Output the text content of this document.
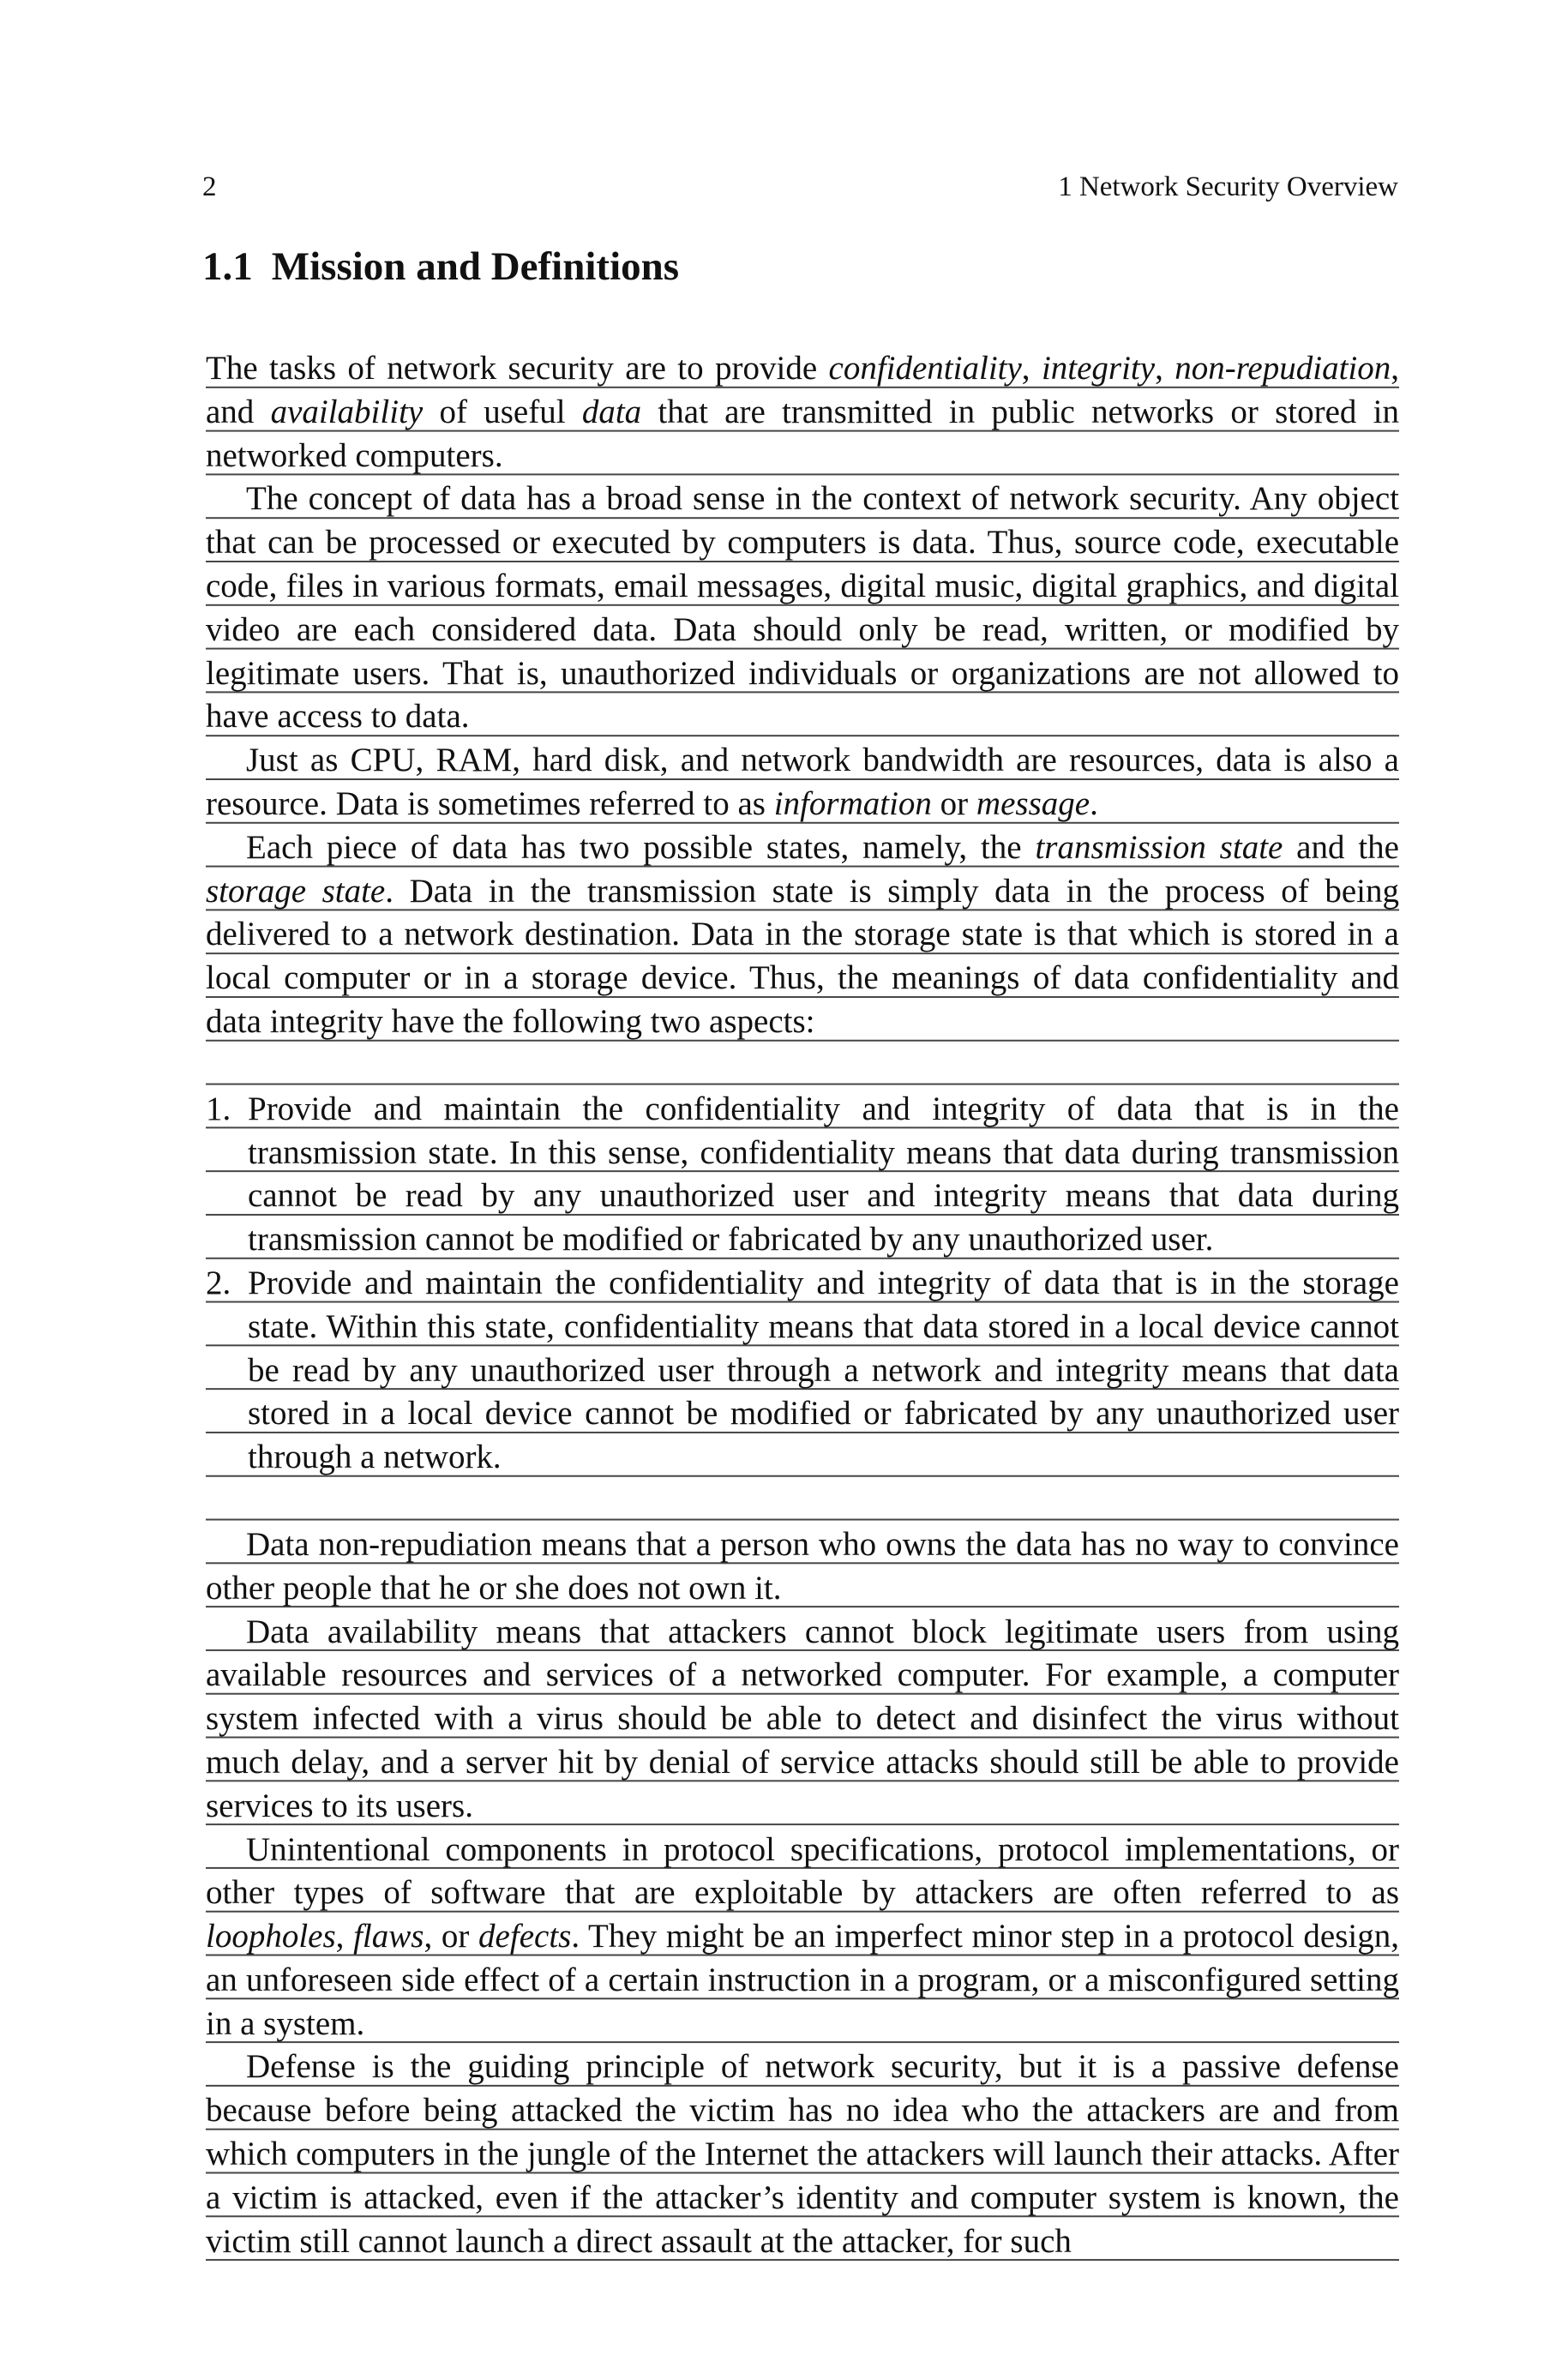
2	1 Network Security Overview
1.1 Mission and Definitions

The tasks of network security are to provide confidentiality, integrity, non-repudiation, and availability of useful data that are transmitted in public networks or stored in networked computers.

The concept of data has a broad sense in the context of network security. Any object that can be processed or executed by computers is data. Thus, source code, executable code, files in various formats, email messages, digital music, digital graphics, and digital video are each considered data. Data should only be read, written, or modified by legitimate users. That is, unauthorized individuals or organizations are not allowed to have access to data.

Just as CPU, RAM, hard disk, and network bandwidth are resources, data is also a resource. Data is sometimes referred to as information or message.

Each piece of data has two possible states, namely, the transmission state and the storage state. Data in the transmission state is simply data in the process of being delivered to a network destination. Data in the storage state is that which is stored in a local computer or in a storage device. Thus, the meanings of data confidentiality and data integrity have the following two aspects:

1. Provide and maintain the confidentiality and integrity of data that is in the transmission state. In this sense, confidentiality means that data during transmission cannot be read by any unauthorized user and integrity means that data during transmission cannot be modified or fabricated by any unauthorized user.
2. Provide and maintain the confidentiality and integrity of data that is in the storage state. Within this state, confidentiality means that data stored in a local device cannot be read by any unauthorized user through a network and integrity means that data stored in a local device cannot be modified or fabricated by any unauthorized user through a network.

Data non-repudiation means that a person who owns the data has no way to convince other people that he or she does not own it.

Data availability means that attackers cannot block legitimate users from using available resources and services of a networked computer. For example, a computer system infected with a virus should be able to detect and disinfect the virus without much delay, and a server hit by denial of service attacks should still be able to provide services to its users.

Unintentional components in protocol specifications, protocol implementations, or other types of software that are exploitable by attackers are often referred to as loopholes, flaws, or defects. They might be an imperfect minor step in a protocol design, an unforeseen side effect of a certain instruction in a program, or a misconfigured setting in a system.

Defense is the guiding principle of network security, but it is a passive defense because before being attacked the victim has no idea who the attackers are and from which computers in the jungle of the Internet the attackers will launch their attacks. After a victim is attacked, even if the attacker’s identity and computer system is known, the victim still cannot launch a direct assault at the attacker, for such
